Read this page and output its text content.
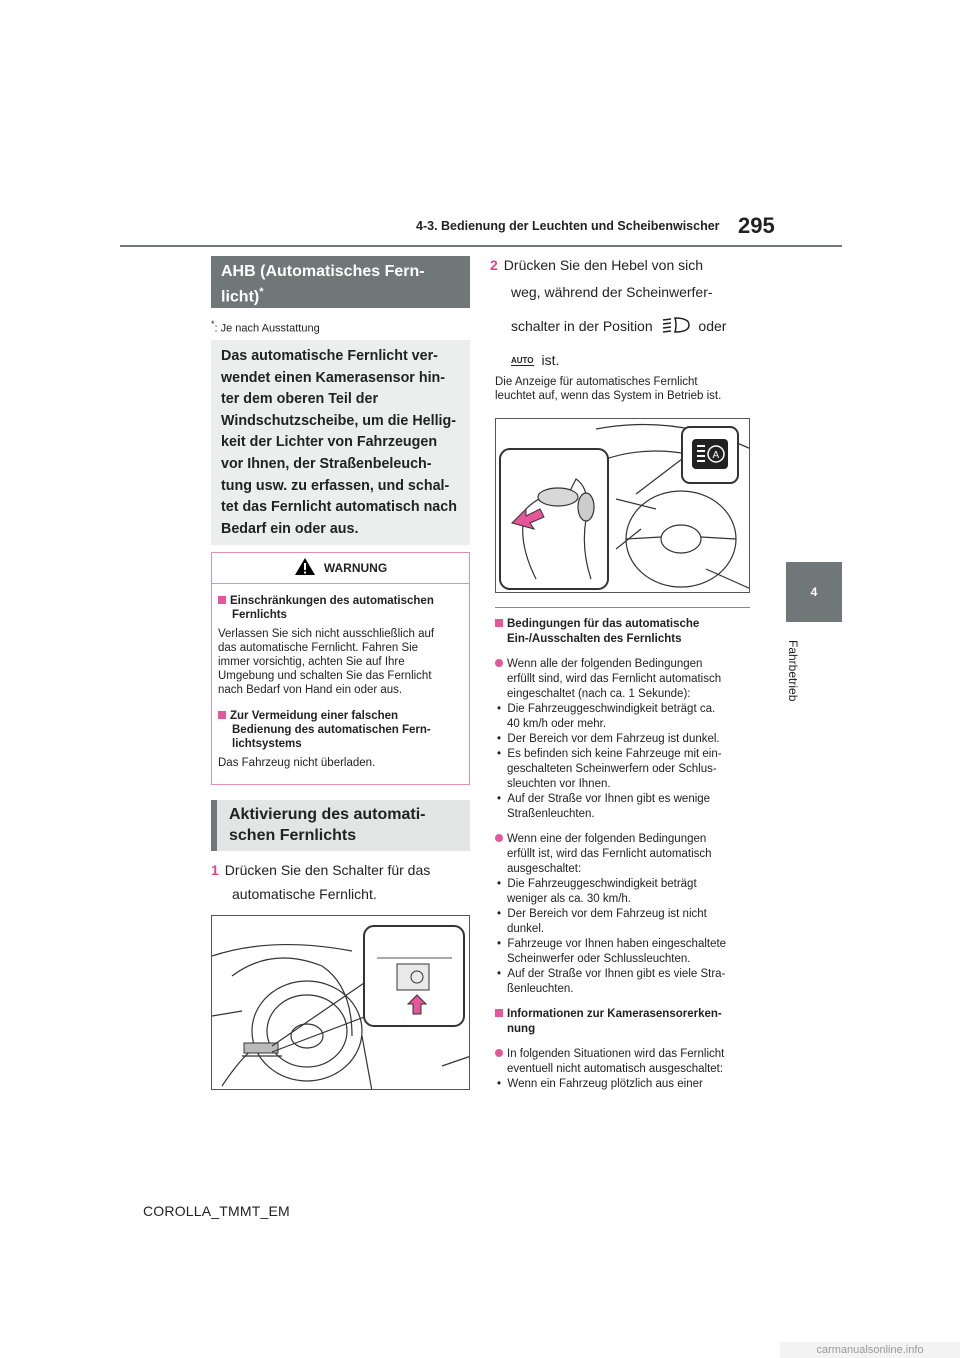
4-3. Bedienung der Leuchten und Scheibenwischer 295
4
Fahrbetrieb
AHB (Automatisches Fern-
licht)*
*: Je nach Ausstattung
Das automatische Fernlicht ver-
wendet einen Kamerasensor hin-
ter dem oberen Teil der
Windschutzscheibe, um die Hellig-
keit der Lichter von Fahrzeugen
vor Ihnen, der Straßenbeleuch-
tung usw. zu erfassen, und schal-
tet das Fernlicht automatisch nach
Bedarf ein oder aus.
WARNUNG
Einschränkungen des automatischen
Fernlichts
Verlassen Sie sich nicht ausschließlich auf
das automatische Fernlicht. Fahren Sie
immer vorsichtig, achten Sie auf Ihre
Umgebung und schalten Sie das Fernlicht
nach Bedarf von Hand ein oder aus.
Zur Vermeidung einer falschen
Bedienung des automatischen Fern-
lichtsystems
Das Fahrzeug nicht überladen.
Aktivierung des automati-
schen Fernlichts
1 Drücken Sie den Schalter für das
automatische Fernlicht.
2 Drücken Sie den Hebel von sich
weg, während der Scheinwerfer-
schalter in der Position	oder
AUTO ist.
Die Anzeige für automatisches Fernlicht
leuchtet auf, wenn das System in Betrieb ist.
A
Bedingungen für das automatische
Ein-/Ausschalten des Fernlichts
Wenn alle der folgenden Bedingungen
erfüllt sind, wird das Fernlicht automatisch
eingeschaltet (nach ca. 1 Sekunde):
•  Die Fahrzeuggeschwindigkeit beträgt ca.
40 km/h oder mehr.
•  Der Bereich vor dem Fahrzeug ist dunkel.
•  Es befinden sich keine Fahrzeuge mit ein-
geschalteten Scheinwerfern oder Schlus-
sleuchten vor Ihnen.
•  Auf der Straße vor Ihnen gibt es wenige
Straßenleuchten.
Wenn eine der folgenden Bedingungen
erfüllt ist, wird das Fernlicht automatisch
ausgeschaltet:
•  Die Fahrzeuggeschwindigkeit beträgt
weniger als ca. 30 km/h.
•  Der Bereich vor dem Fahrzeug ist nicht
dunkel.
•  Fahrzeuge vor Ihnen haben eingeschaltete
Scheinwerfer oder Schlussleuchten.
•  Auf der Straße vor Ihnen gibt es viele Stra-
ßenleuchten.
Informationen zur Kamerasensorerken-
nung
In folgenden Situationen wird das Fernlicht
eventuell nicht automatisch ausgeschaltet:
•  Wenn ein Fahrzeug plötzlich aus einer
COROLLA_TMMT_EM
carmanualsonline.info
